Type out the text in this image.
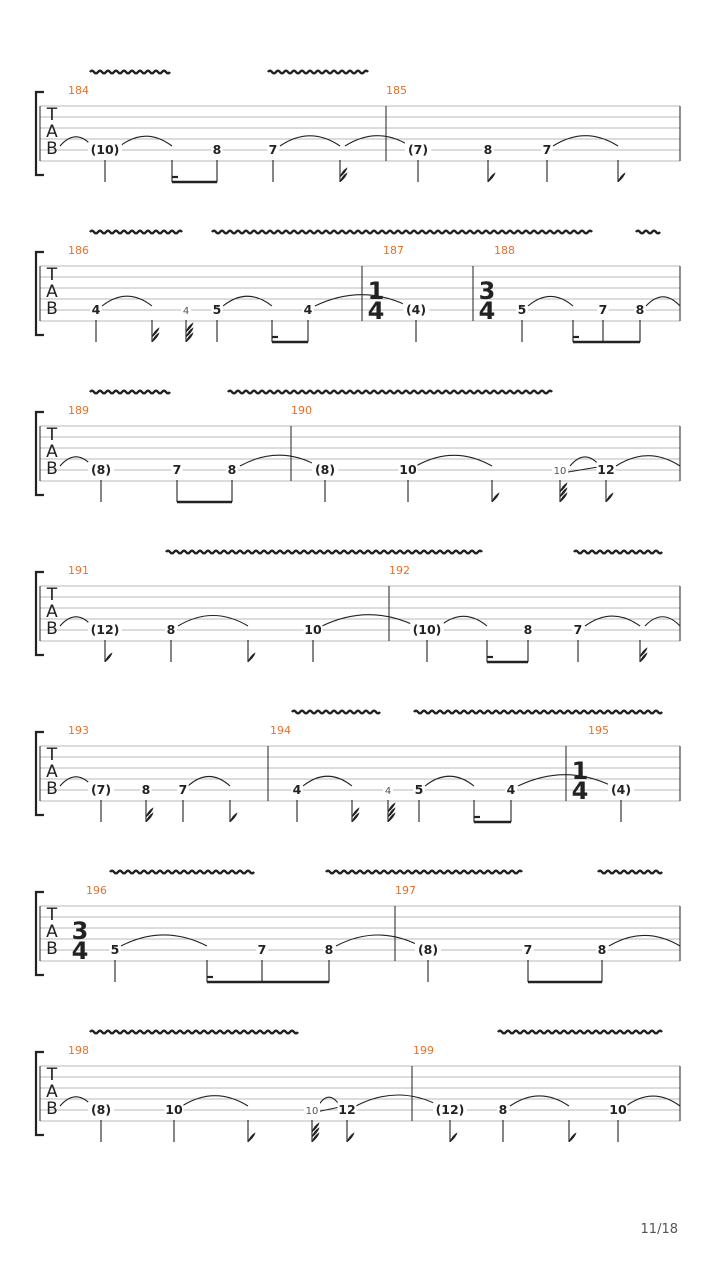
T
A
B
184	185
(10)	8	7	(7)	8	7
T
A
B
186	187	188
1
4
3
4
4	4 5	4	(4)	5	7 8
T
A
B
189	190
(8)	7	8	(8)	10	10 12
T
A
B
191	192
(12)	8	10	(10)	8	7
T
A
B
193	194	195
1
4
(7) 8 7	4	4 5	4	(4)
T
A
B
196	197
3
4 5	7	8	(8)	7	8
T
A
B
198	199
(8)	10	10 12	(12)	8	10
11/18
